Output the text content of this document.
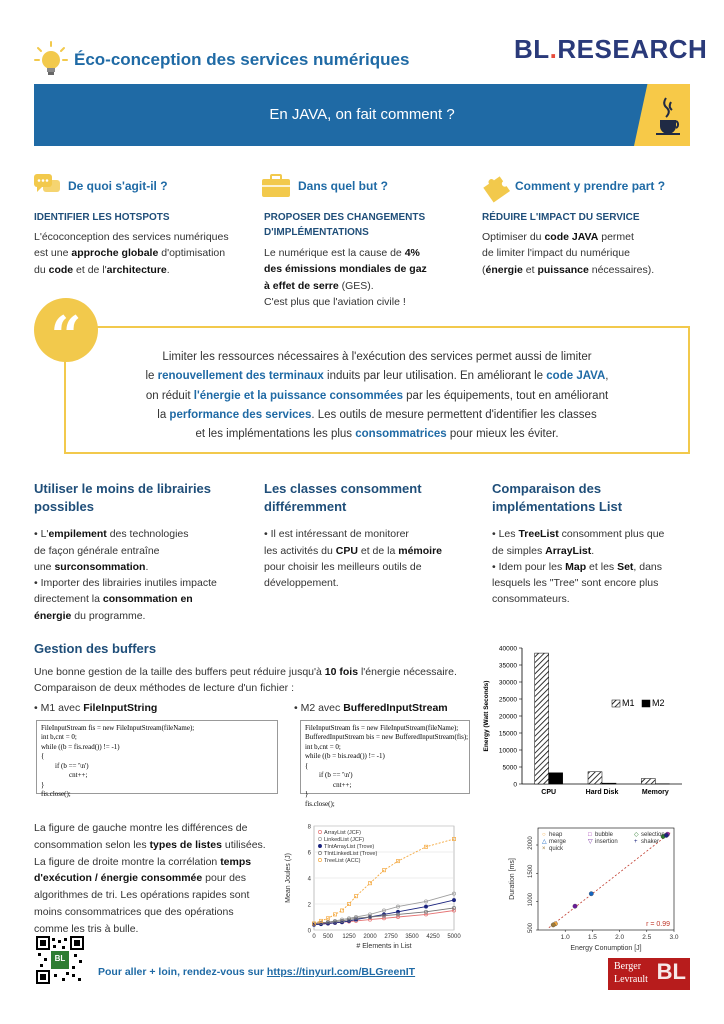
Éco-conception des services numériques	BL.RESEARCH
En JAVA, on fait comment ?
De quoi s'agit-il ?
IDENTIFIER LES HOTSPOTS
L'écoconception des services numériques
est une approche globale d'optimisation
du code et de l'architecture.
Dans quel but ?
PROPOSER DES CHANGEMENTS
D'IMPLÉMENTATIONS
Le numérique est la cause de 4%
des émissions mondiales de gaz
à effet de serre (GES).
C'est plus que l'aviation civile !
Comment y prendre part ?
RÉDUIRE L'IMPACT DU SERVICE
Optimiser du code JAVA permet
de limiter l'impact du numérique
(énergie et puissance nécessaires).
“	Limiter les ressources nécessaires à l'exécution des services permet aussi de limiter
le renouvellement des terminaux induits par leur utilisation. En améliorant le code JAVA,
on réduit l'énergie et la puissance consommées par les équipements, tout en améliorant
la performance des services. Les outils de mesure permettent d'identifier les classes
et les implémentations les plus consommatrices pour mieux les éviter.
Utiliser le moins de librairies
possibles
• L'empilement des technologies
de façon générale entraîne
une surconsommation.
• Importer des librairies inutiles impacte
directement la consommation en
énergie du programme.
Les classes consomment
différemment
• Il est intéressant de monitorer
les activités du CPU et de la mémoire
pour choisir les meilleurs outils de
développement.
Comparaison des
implémentations List
• Les TreeList consomment plus que
de simples ArrayList.
• Idem pour les Map et les Set, dans
lesquels les "Tree" sont encore plus
consommateurs.
Gestion des buffers
Une bonne gestion de la taille des buffers peut réduire jusqu'à 10 fois l'énergie nécessaire.
Comparaison de deux méthodes de lecture d'un fichier :
• M1 avec FileInputString	• M2 avec BufferedInputStream
FileInputStream fis = new FileInputStream(fileName);
int b,cnt = 0;
while ((b = fis.read()) != -1)
{
if (b == '\n')
cnt++;
}
fis.close();
FileInputStream fis = new FileInputStream(fileName);
BufferedInputStream bis = new BufferedInputStream(fis);
int b,cnt = 0;
while ((b = bis.read()) != -1)
{
if (b == '\n')
cnt++;
}
fis.close();
0
5000
10000
15000
20000
25000
30000
35000
40000
Energy (Watt Seconds)
CPU	Hard Disk	Memory
M1 M2
La figure de gauche montre les différences de
consommation selon les types de listes utilisées.
La figure de droite montre la corrélation temps
d'exécution / énergie consommée pour des
algorithmes de tri. Les opérations rapides sont
moins consommatrices que des opérations
comme les tris à bulle.	0
2
4
6
8
0 500 1250 2000 2750 3500 4250 5000
# Elements in List
Mean Joules (J)
ArrayList (JCF)
LinkedList (JCF)
TIntArrayList (Trove)
TIntLinkedList (Trove)
TreeList (ACC)
500
1000
1500
2000
1.0	1.5	2.0	2.5	3.0
Energy Conumption [J]
Duration [ms]
○ heap	□ bubble	◇ selection
△ merge	▽ insertion	+ shaker
× quick
r = 0.99
BL
Pour aller + loin, rendez-vous sur https://tinyurl.com/BLGreenIT	Berger
Levrault BL
